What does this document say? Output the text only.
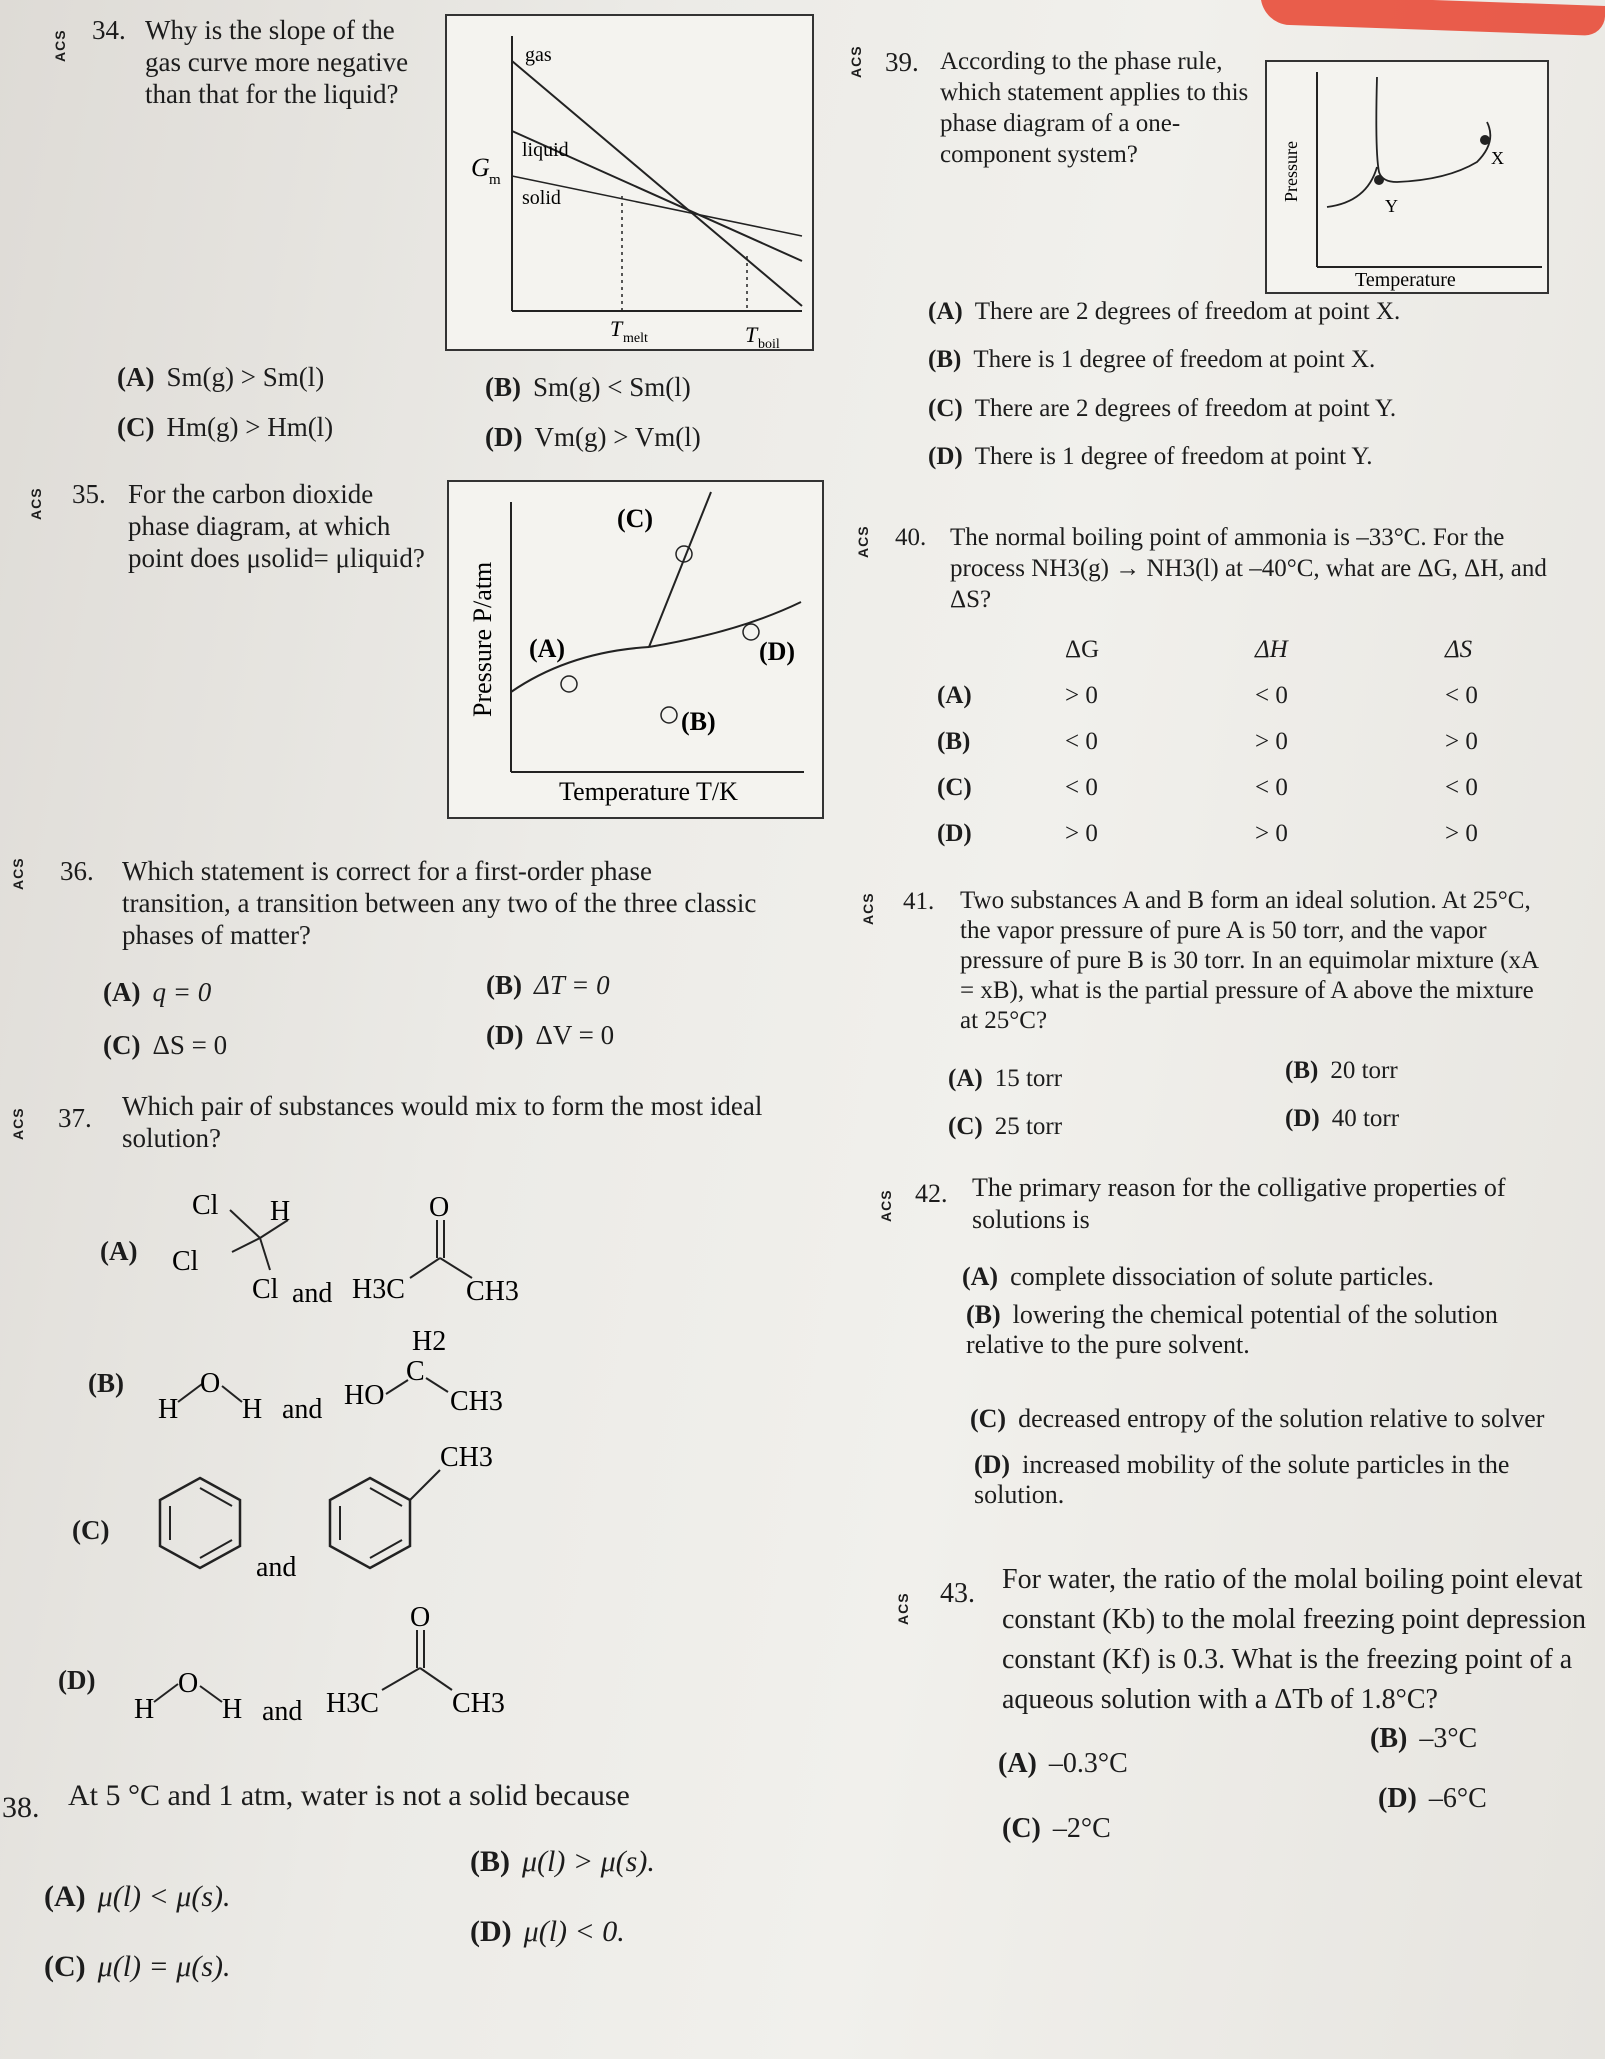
ACS
ACS
ACS
ACS
ACS
ACS
ACS
ACS
ACS
34. Why is the slope of the gas curve more negative than that for the liquid?
gas
liquid
solid
G m
T melt	T boil
(A) Sm(g) > Sm(l)	(B) Sm(g) < Sm(l)
(C) Hm(g) > Hm(l)	(D) Vm(g) > Vm(l)
35. For the carbon dioxide phase diagram, at which point does μsolid= μliquid?
(A)
(B)
(C)
(D)
Temperature T/K
Pressure P/atm
36. Which statement is correct for a first-order phase transition, a transition between any two of the three classic phases of matter?
(A) q = 0	(B) ΔT = 0
(C) ΔS = 0	(D) ΔV = 0
37. Which pair of substances would mix to form the most ideal solution?
(A)
Cl H
Cl
Cl and H3C
O
CH3
(B)
H
O
H and HO
C
H2
CH3
(C)
and
CH3
(D)
H
O
H and H3C
O
CH3
38. At 5 °C and 1 atm, water is not a solid because
(A) μ(l) < μ(s).
(B) μ(l) > μ(s).
(C) μ(l) = μ(s).
(D) μ(l) < 0.
39. According to the phase rule, which statement applies to this phase diagram of a one-component system?
Y
X
Temperature
Pressure
(A) There are 2 degrees of freedom at point X.
(B) There is 1 degree of freedom at point X.
(C) There are 2 degrees of freedom at point Y.
(D) There is 1 degree of freedom at point Y.
40. The normal boiling point of ammonia is –33°C. For the process NH3(g) → NH3(l) at –40°C, what are ΔG, ΔH, and ΔS?
ΔG	ΔH	ΔS
(A)	> 0	< 0	< 0
(B)	< 0	> 0	> 0
(C)	< 0	< 0	< 0
(D)	> 0	> 0	> 0
41. Two substances A and B form an ideal solution. At 25°C, the vapor pressure of pure A is 50 torr, and the vapor pressure of pure B is 30 torr. In an equimolar mixture (xA = xB), what is the partial pressure of A above the mixture at 25°C?
(A) 15 torr	(B) 20 torr
(C) 25 torr	(D) 40 torr
42. The primary reason for the colligative properties of solutions is
(A) complete dissociation of solute particles.
(B) lowering the chemical potential of the solution relative to the pure solvent.
(C) decreased entropy of the solution relative to solver
(D) increased mobility of the solute particles in the solution.
43. For water, the ratio of the molal boiling point elevat constant (Kb) to the molal freezing point depression constant (Kf) is 0.3. What is the freezing point of a aqueous solution with a ΔTb of 1.8°C?
(A) –0.3°C
(B) –3°C
(C) –2°C
(D) –6°C
